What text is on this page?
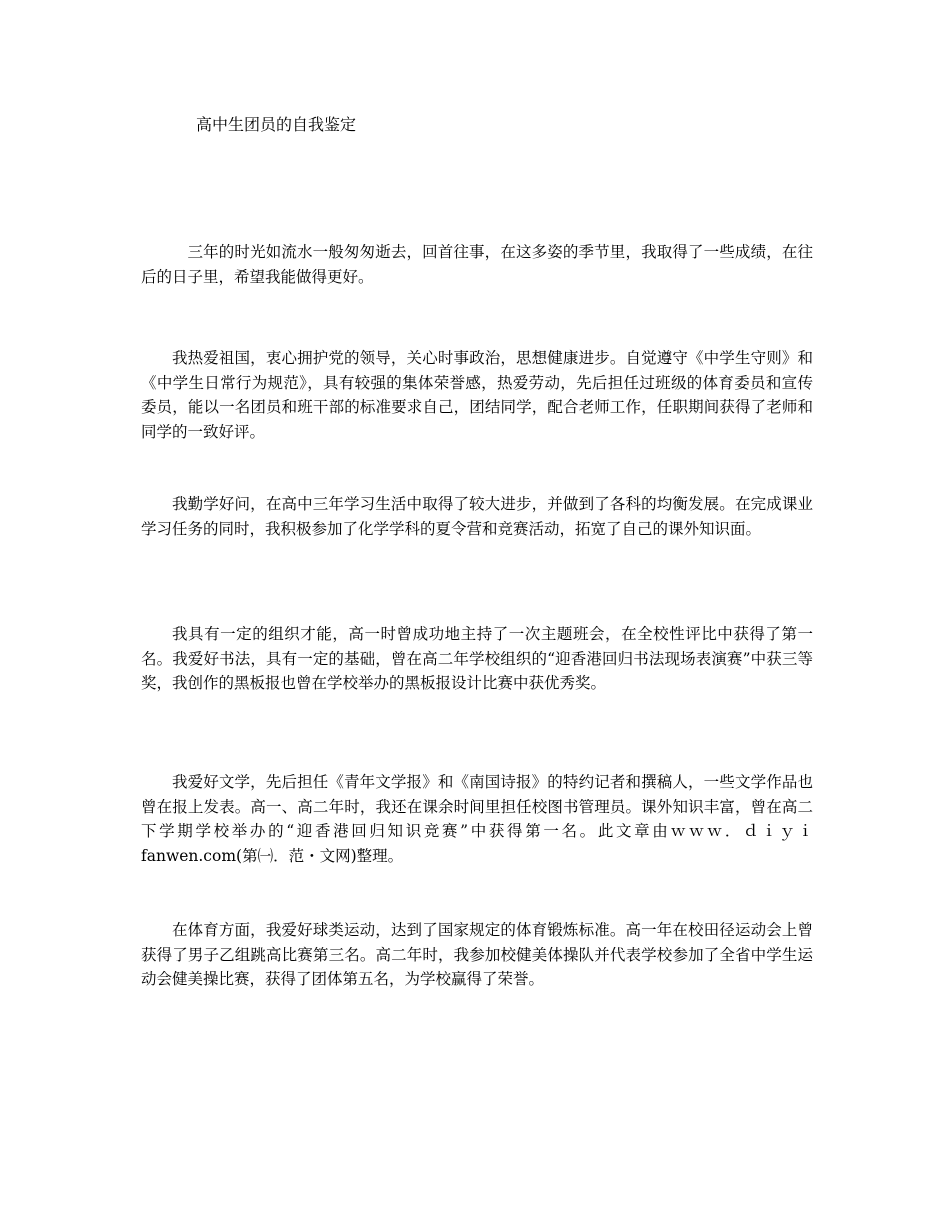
高中生团员的自我鉴定

三年的时光如流水一般匆匆逝去，回首往事，在这多姿的季节里，我取得了一些成绩，在往后的日子里，希望我能做得更好。

我热爱祖国，衷心拥护党的领导，关心时事政治，思想健康进步。自觉遵守《中学生守则》和《中学生日常行为规范》，具有较强的集体荣誉感，热爱劳动，先后担任过班级的体育委员和宣传委员，能以一名团员和班干部的标准要求自己，团结同学，配合老师工作，任职期间获得了老师和同学的一致好评。

我勤学好问，在高中三年学习生活中取得了较大进步，并做到了各科的均衡发展。在完成课业学习任务的同时，我积极参加了化学学科的夏令营和竞赛活动，拓宽了自己的课外知识面。

我具有一定的组织才能，高一时曾成功地主持了一次主题班会，在全校性评比中获得了第一名。我爱好书法，具有一定的基础，曾在高二年学校组织的“迎香港回归书法现场表演赛”中获三等奖，我创作的黑板报也曾在学校举办的黑板报设计比赛中获优秀奖。

我爱好文学，先后担任《青年文学报》和《南国诗报》的特约记者和撰稿人，一些文学作品也曾在报上发表。高一、高二年时，我还在课余时间里担任校图书管理员。课外知识丰富，曾在高二下学期学校举办的“迎香港回归知识竞赛”中获得第一名。此文章由ｗｗｗ．ｄｉｙｉ fanwen.com(第㈠．范・文网)整理。

在体育方面，我爱好球类运动，达到了国家规定的体育锻炼标准。高一年在校田径运动会上曾获得了男子乙组跳高比赛第三名。高二年时，我参加校健美体操队并代表学校参加了全省中学生运动会健美操比赛，获得了团体第五名，为学校赢得了荣誉。
